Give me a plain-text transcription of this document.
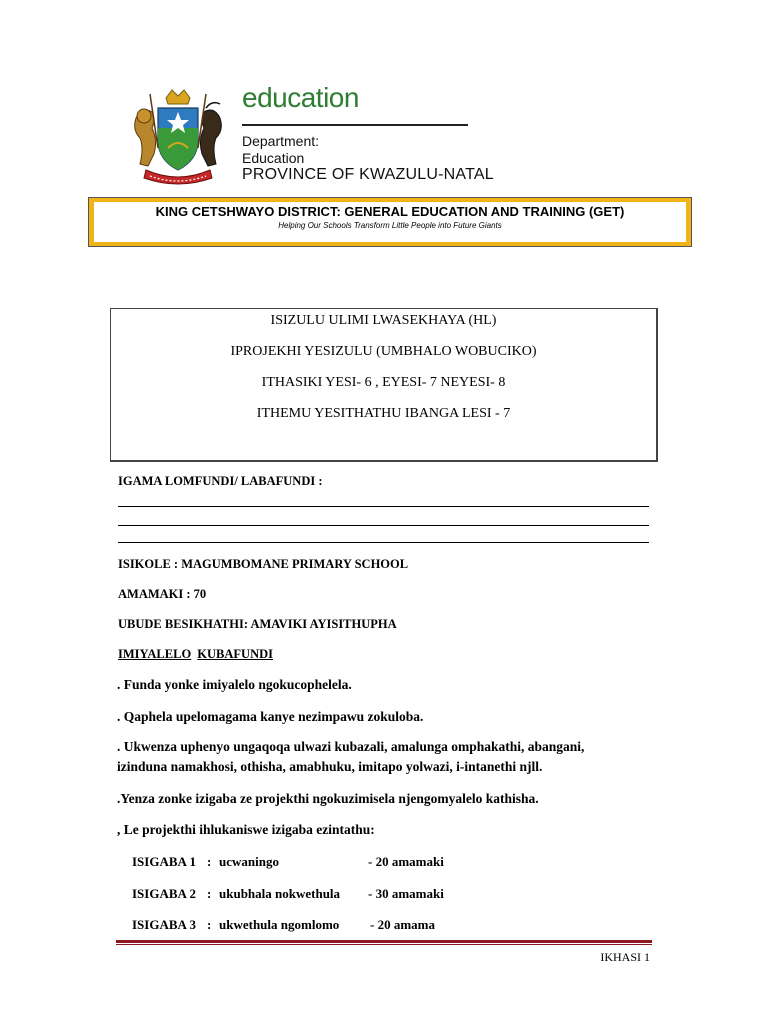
education
Department:
Education
PROVINCE OF KWAZULU-NATAL
KING CETSHWAYO DISTRICT: GENERAL EDUCATION AND TRAINING (GET)
Helping Our Schools Transform Little People into Future Giants
ISIZULU ULIMI LWASEKHAYA (HL)
IPROJEKHI YESIZULU (UMBHALO WOBUCIKO)
ITHASIKI YESI- 6 , EYESI- 7 NEYESI- 8
ITHEMU YESITHATHU IBANGA LESI - 7
IGAMA LOMFUNDI/ LABAFUNDI :
ISIKOLE : MAGUMBOMANE PRIMARY SCHOOL
AMAMAKI : 70
UBUDE BESIKHATHI: AMAVIKI AYISITHUPHA
IMIYALELO KUBAFUNDI
. Funda yonke imiyalelo ngokucophelela.
. Qaphela upelomagama kanye nezimpawu zokuloba.
. Ukwenza uphenyo ungaqoqa ulwazi kubazali, amalunga omphakathi, abangani,
izinduna namakhosi, othisha, amabhuku, imitapo yolwazi, i-intanethi njll.
.Yenza zonke izigaba ze projekthi ngokuzimisela njengomyalelo kathisha.
, Le projekthi ihlukaniswe izigaba ezintathu:
ISIGABA 1 : ucwaningo	- 20 amamaki
ISIGABA 2 : ukubhala nokwethula - 30 amamaki
ISIGABA 3 : ukwethula ngomlomo - 20 amama
IKHASI 1
